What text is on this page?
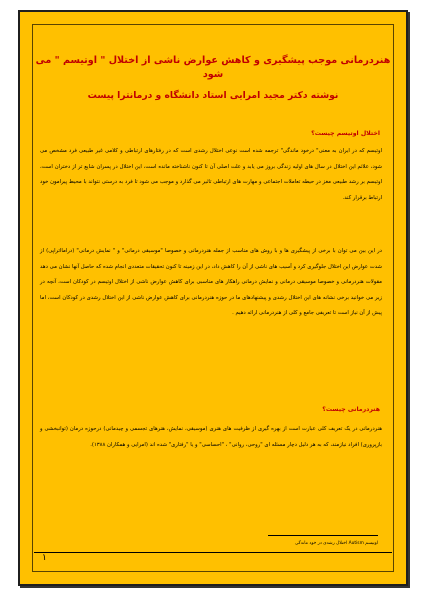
هنردرمانی موجب پیشگیری و کاهش عوارض ناشی از اختلال " اوتیسم " می شود
نوشته دکتر مجید امرایی استاد دانشگاه و درمانترا پیست
اختلال اوتیسم چیست؟
اوتیسم که در ایران به معنی" درخود ماندگی" ترجمه شده است نوعی اختلال رشدی است که در رفتارهای ارتباطی و کلامی غیر طبیعی فرد مشخص می شود، علائم این اختلال در سال های اولیه زندگی بروز می یابد و علت اصلی آن تا کنون ناشناخته مانده است، این اختلال در پسران شایع تر از دختران است، اوتیسم بر رشد طبیعی مغز در حیطه تعاملات اجتماعی و مهارت های ارتباطی تاثیر می گذارد و موجب می شود تا فرد به درستی نتواند با محیط پیرامون خود ارتباط برقرار کند.
در این بین می توان با برخی از پیشگیری ها و با روش های مناسب از جمله هنردرمانی و خصوصا "موسیقی درمانی" و " نمایش درمانی" (درامااتراپی) از شدت عوارض این اختلال جلوگیری کرد و آسیب های ناشی از آن را کاهش داد، در این زمینه تا کنون تحقیقات متعددی انجام شده که حاصل آنها نشان می دهد مقولات هنردرمانی و خصوصا موسیقی درمانی و نمایش درمانی راهکار های مناسبی برای کاهش عوارض ناشی از اختلال اوتیسم در کودکان است، آنچه در زیر می خوانید برخی نشانه های این اختلال رشدی و پیشنهادهای ما در حوزه هنردرمانی برای کاهش عوارض ناشی از این اختلال رشدی در کودکان است، اما پیش از آن نیاز است تا تعریفی جامع و کلی از هنردرمانی ارائه دهیم .
هنردرمانی چیست؟
هنردرمانی در یک تعریف کلی عبارت است از بهره گیری از ظرفیت های هنری (موسیقی، نمایش، هنرهای تجسمی و چیدمانی) درحوزه درمان (توانبخشی و بازپروری) افراد نیازمند، که به هر دلیل دچار مسئله ای "روحی، روانی" ، "احساسی" و یا "رفتاری" شده اند (امرایی و همکاران ۱۳۸۸).
اوتیسم Autism اختلال رشدی در خود ماندگی
۱
